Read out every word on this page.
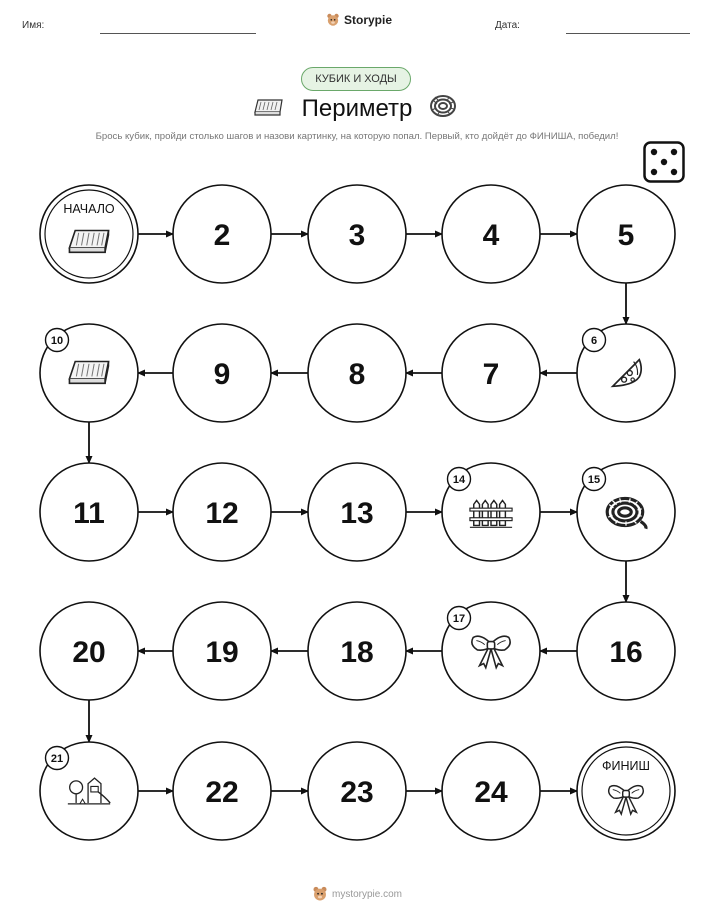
Имя:	Storypie	Дата:
КУБИК И ХОДЫ
Периметр
Брось кубик, пройди столько шагов и назови картинку, на которую попал. Первый, кто дойдёт до ФИНИША, победил!
НАЧАЛО
2	3	4	5
6
7
8
9
10
11	12	13
14	15
16
17
18
19
20
21
22	23	24
ФИНИШ
mystorypie.com
